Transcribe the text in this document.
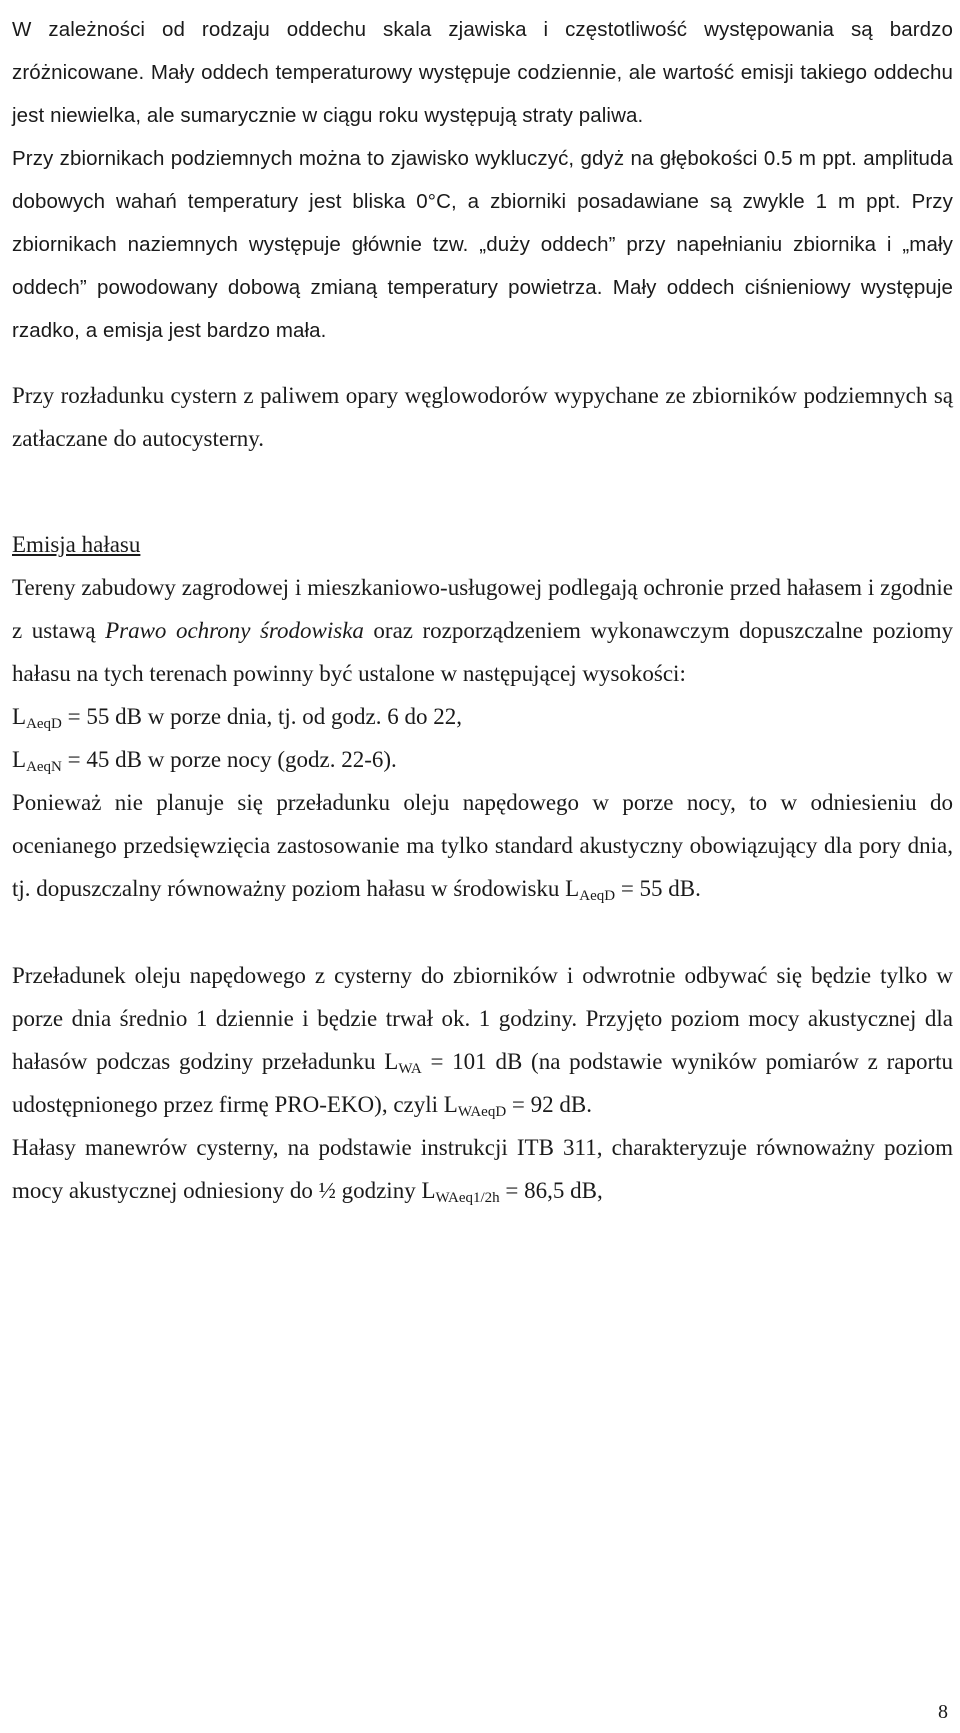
W zależności od rodzaju oddechu skala zjawiska i częstotliwość występowania są bardzo zróżnicowane. Mały oddech temperaturowy występuje codziennie, ale wartość emisji takiego oddechu jest niewielka, ale sumarycznie w ciągu roku występują straty paliwa.

Przy zbiornikach podziemnych można to zjawisko wykluczyć, gdyż na głębokości 0.5 m ppt. amplituda dobowych wahań temperatury jest bliska 0°C, a zbiorniki posadawiane są zwykle 1 m ppt. Przy zbiornikach naziemnych występuje głównie tzw. „duży oddech” przy napełnianiu zbiornika i „mały oddech” powodowany dobową zmianą temperatury powietrza. Mały oddech ciśnieniowy występuje rzadko, a emisja jest bardzo mała.

Przy rozładunku cystern z paliwem opary węglowodorów wypychane ze zbiorników podziemnych są zatłaczane do autocysterny.

Emisja hałasu

Tereny zabudowy zagrodowej i mieszkaniowo-usługowej podlegają ochronie przed hałasem i zgodnie z ustawą Prawo ochrony środowiska oraz rozporządzeniem wykonawczym dopuszczalne poziomy hałasu na tych terenach powinny być ustalone w następującej wysokości:

$L_{AeqD} = 55$ dB w porze dnia, tj. od godz. 6 do 22,

$L_{AeqN} = 45$ dB w porze nocy (godz. 22-6).

Ponieważ nie planuje się przeładunku oleju napędowego w porze nocy, to w odniesieniu do ocenianego przedsięwzięcia zastosowanie ma tylko standard akustyczny obowiązujący dla pory dnia, tj. dopuszczalny równoważny poziom hałasu w środowisku $L_{AeqD} = 55$ dB.

Przeładunek oleju napędowego z cysterny do zbiorników i odwrotnie odbywać się będzie tylko w porze dnia średnio 1 dziennie i będzie trwał ok. 1 godziny. Przyjęto poziom mocy akustycznej dla hałasów podczas godziny przeładunku $L_{WA} = 101$ dB (na podstawie wyników pomiarów z raportu udostępnionego przez firmę PRO-EKO), czyli $L_{WAeqD} = 92$ dB.

Hałasy manewrów cysterny, na podstawie instrukcji ITB 311, charakteryzuje równoważny poziom mocy akustycznej odniesiony do ½ godziny $L_{WAeq1/2h} = 86,5$ dB,

8
